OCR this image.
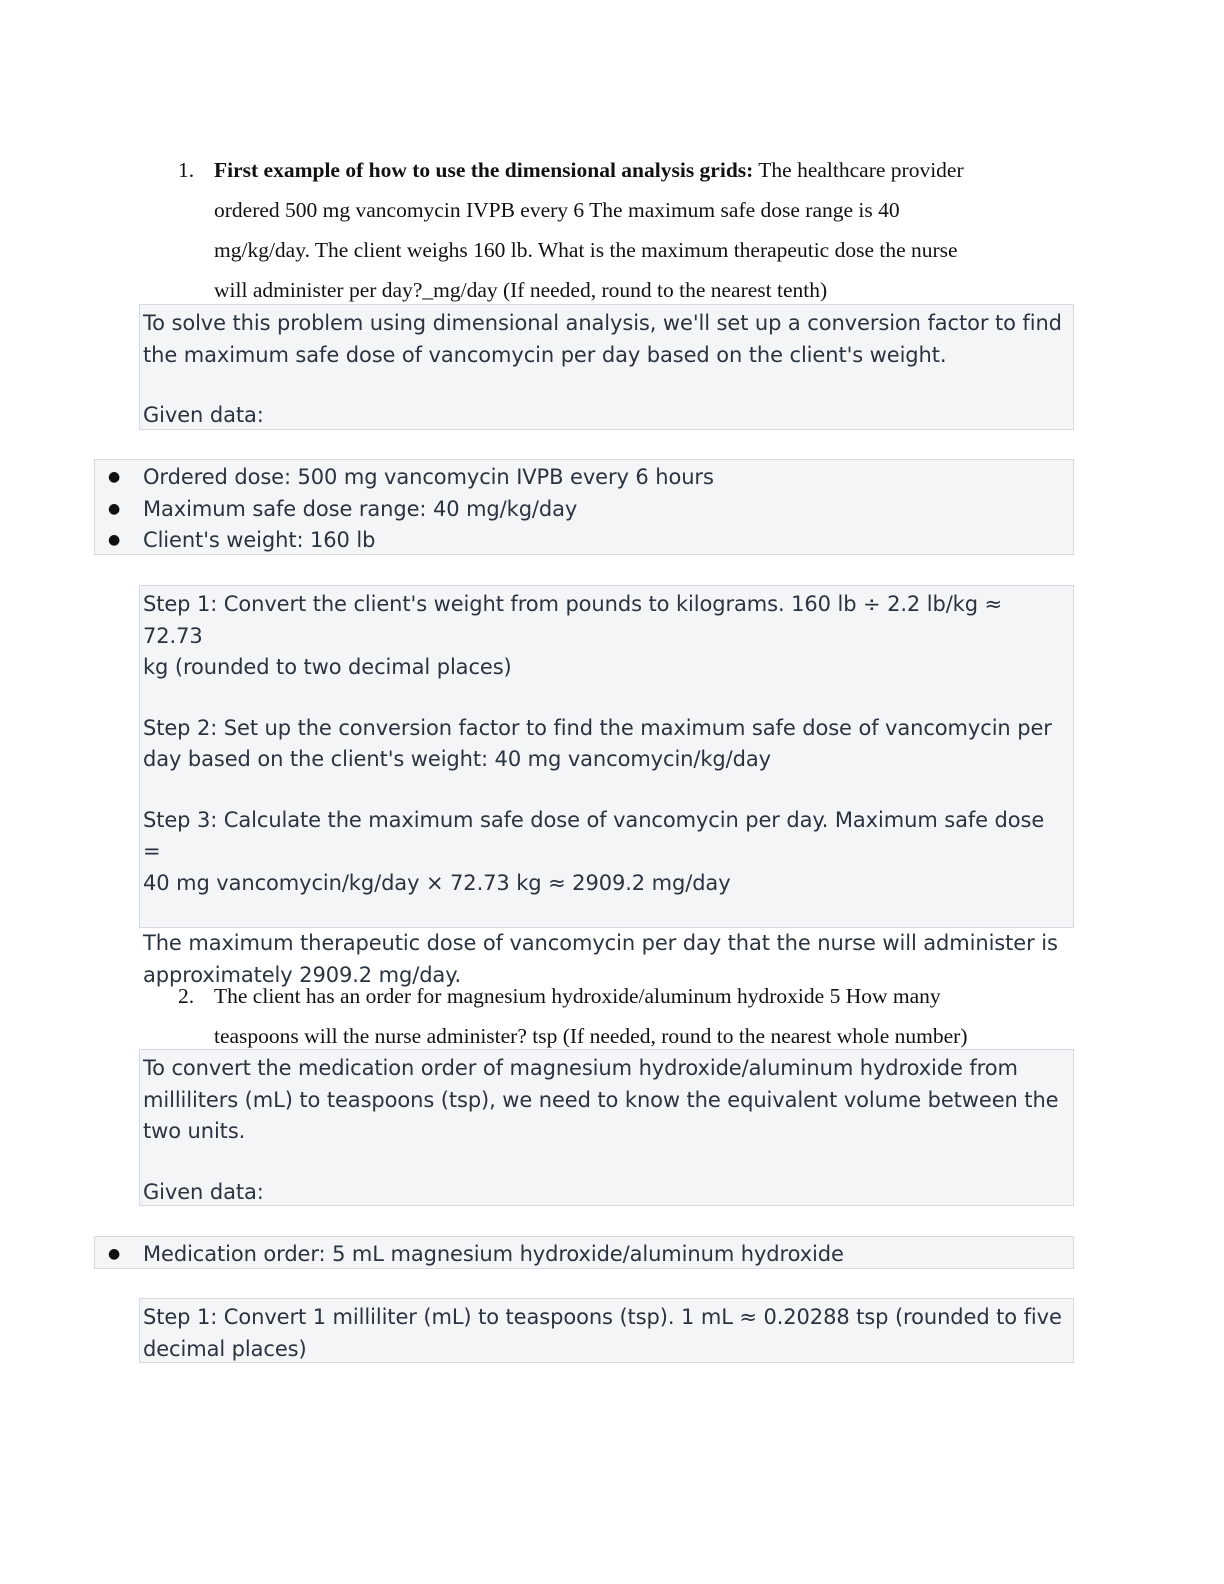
1. First example of how to use the dimensional analysis grids: The healthcare provider
ordered 500 mg vancomycin IVPB every 6 The maximum safe dose range is 40
mg/kg/day. The client weighs 160 lb. What is the maximum therapeutic dose the nurse
will administer per day?_mg/day (If needed, round to the nearest tenth)

To solve this problem using dimensional analysis, we'll set up a conversion factor to find

the maximum safe dose of vancomycin per day based on the client's weight.

Given data:

● Ordered dose: 500 mg vancomycin IVPB every 6 hours
● Maximum safe dose range: 40 mg/kg/day
● Client's weight: 160 lb

Step 1: Convert the client's weight from pounds to kilograms. 160 lb ÷ 2.2 lb/kg ≈ 72.73

kg (rounded to two decimal places)

Step 2: Set up the conversion factor to find the maximum safe dose of vancomycin per

day based on the client's weight: 40 mg vancomycin/kg/day

Step 3: Calculate the maximum safe dose of vancomycin per day. Maximum safe dose =

40 mg vancomycin/kg/day × 72.73 kg ≈ 2909.2 mg/day

The maximum therapeutic dose of vancomycin per day that the nurse will administer is

approximately 2909.2 mg/day.

2. The client has an order for magnesium hydroxide/aluminum hydroxide 5 How many
teaspoons will the nurse administer? tsp (If needed, round to the nearest whole number)

To convert the medication order of magnesium hydroxide/aluminum hydroxide from

milliliters (mL) to teaspoons (tsp), we need to know the equivalent volume between the

two units.

Given data:

● Medication order: 5 mL magnesium hydroxide/aluminum hydroxide

Step 1: Convert 1 milliliter (mL) to teaspoons (tsp). 1 mL ≈ 0.20288 tsp (rounded to five

decimal places)
